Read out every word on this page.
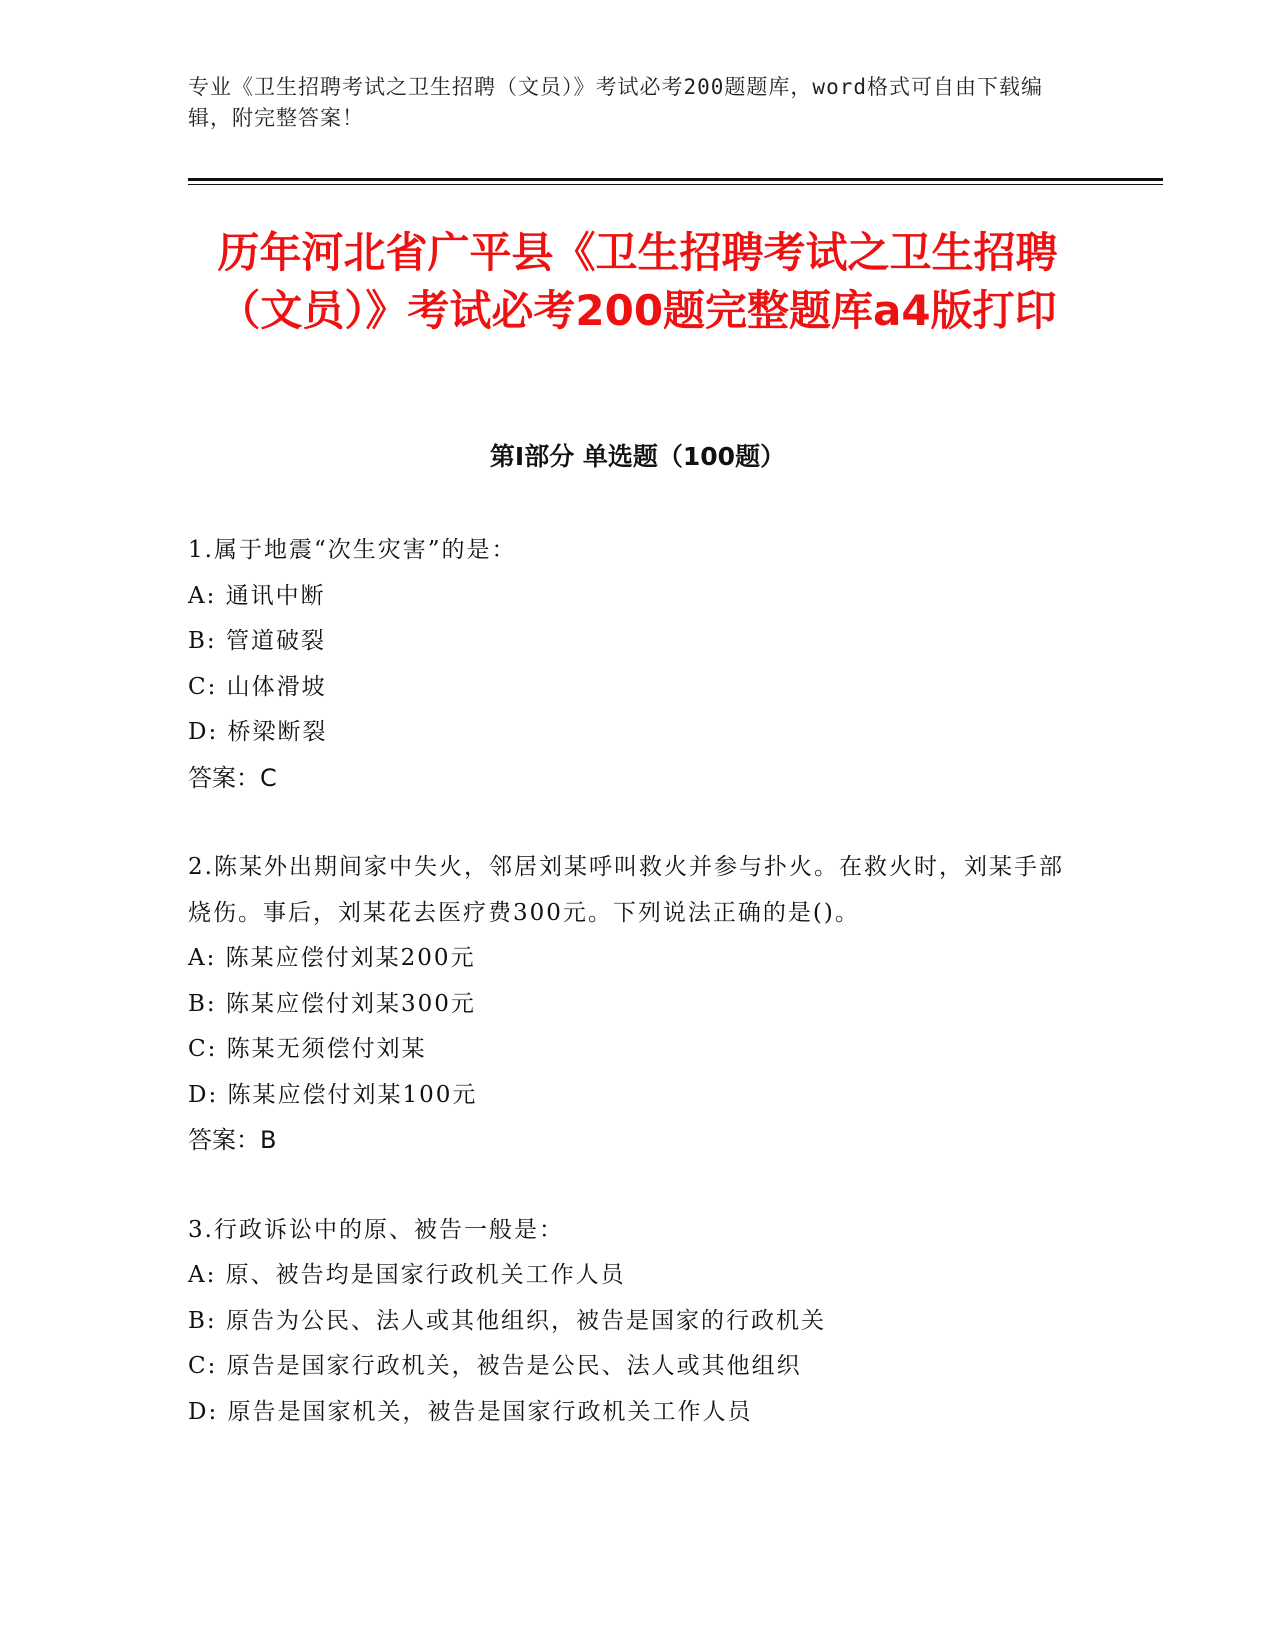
专业《卫生招聘考试之卫生招聘（文员）》考试必考200题题库，word格式可自由下载编辑，附完整答案！
历年河北省广平县《卫生招聘考试之卫生招聘（文员）》考试必考200题完整题库a4版打印
第Ⅰ部分 单选题（100题）
1.属于地震“次生灾害”的是：
A: 通讯中断
B: 管道破裂
C: 山体滑坡
D: 桥梁断裂
答案：C
2.陈某外出期间家中失火，邻居刘某呼叫救火并参与扑火。在救火时，刘某手部烧伤。事后，刘某花去医疗费300元。下列说法正确的是()。
A: 陈某应偿付刘某200元
B: 陈某应偿付刘某300元
C: 陈某无须偿付刘某
D: 陈某应偿付刘某100元
答案：B
3.行政诉讼中的原、被告一般是：
A: 原、被告均是国家行政机关工作人员
B: 原告为公民、法人或其他组织，被告是国家的行政机关
C: 原告是国家行政机关，被告是公民、法人或其他组织
D: 原告是国家机关，被告是国家行政机关工作人员
